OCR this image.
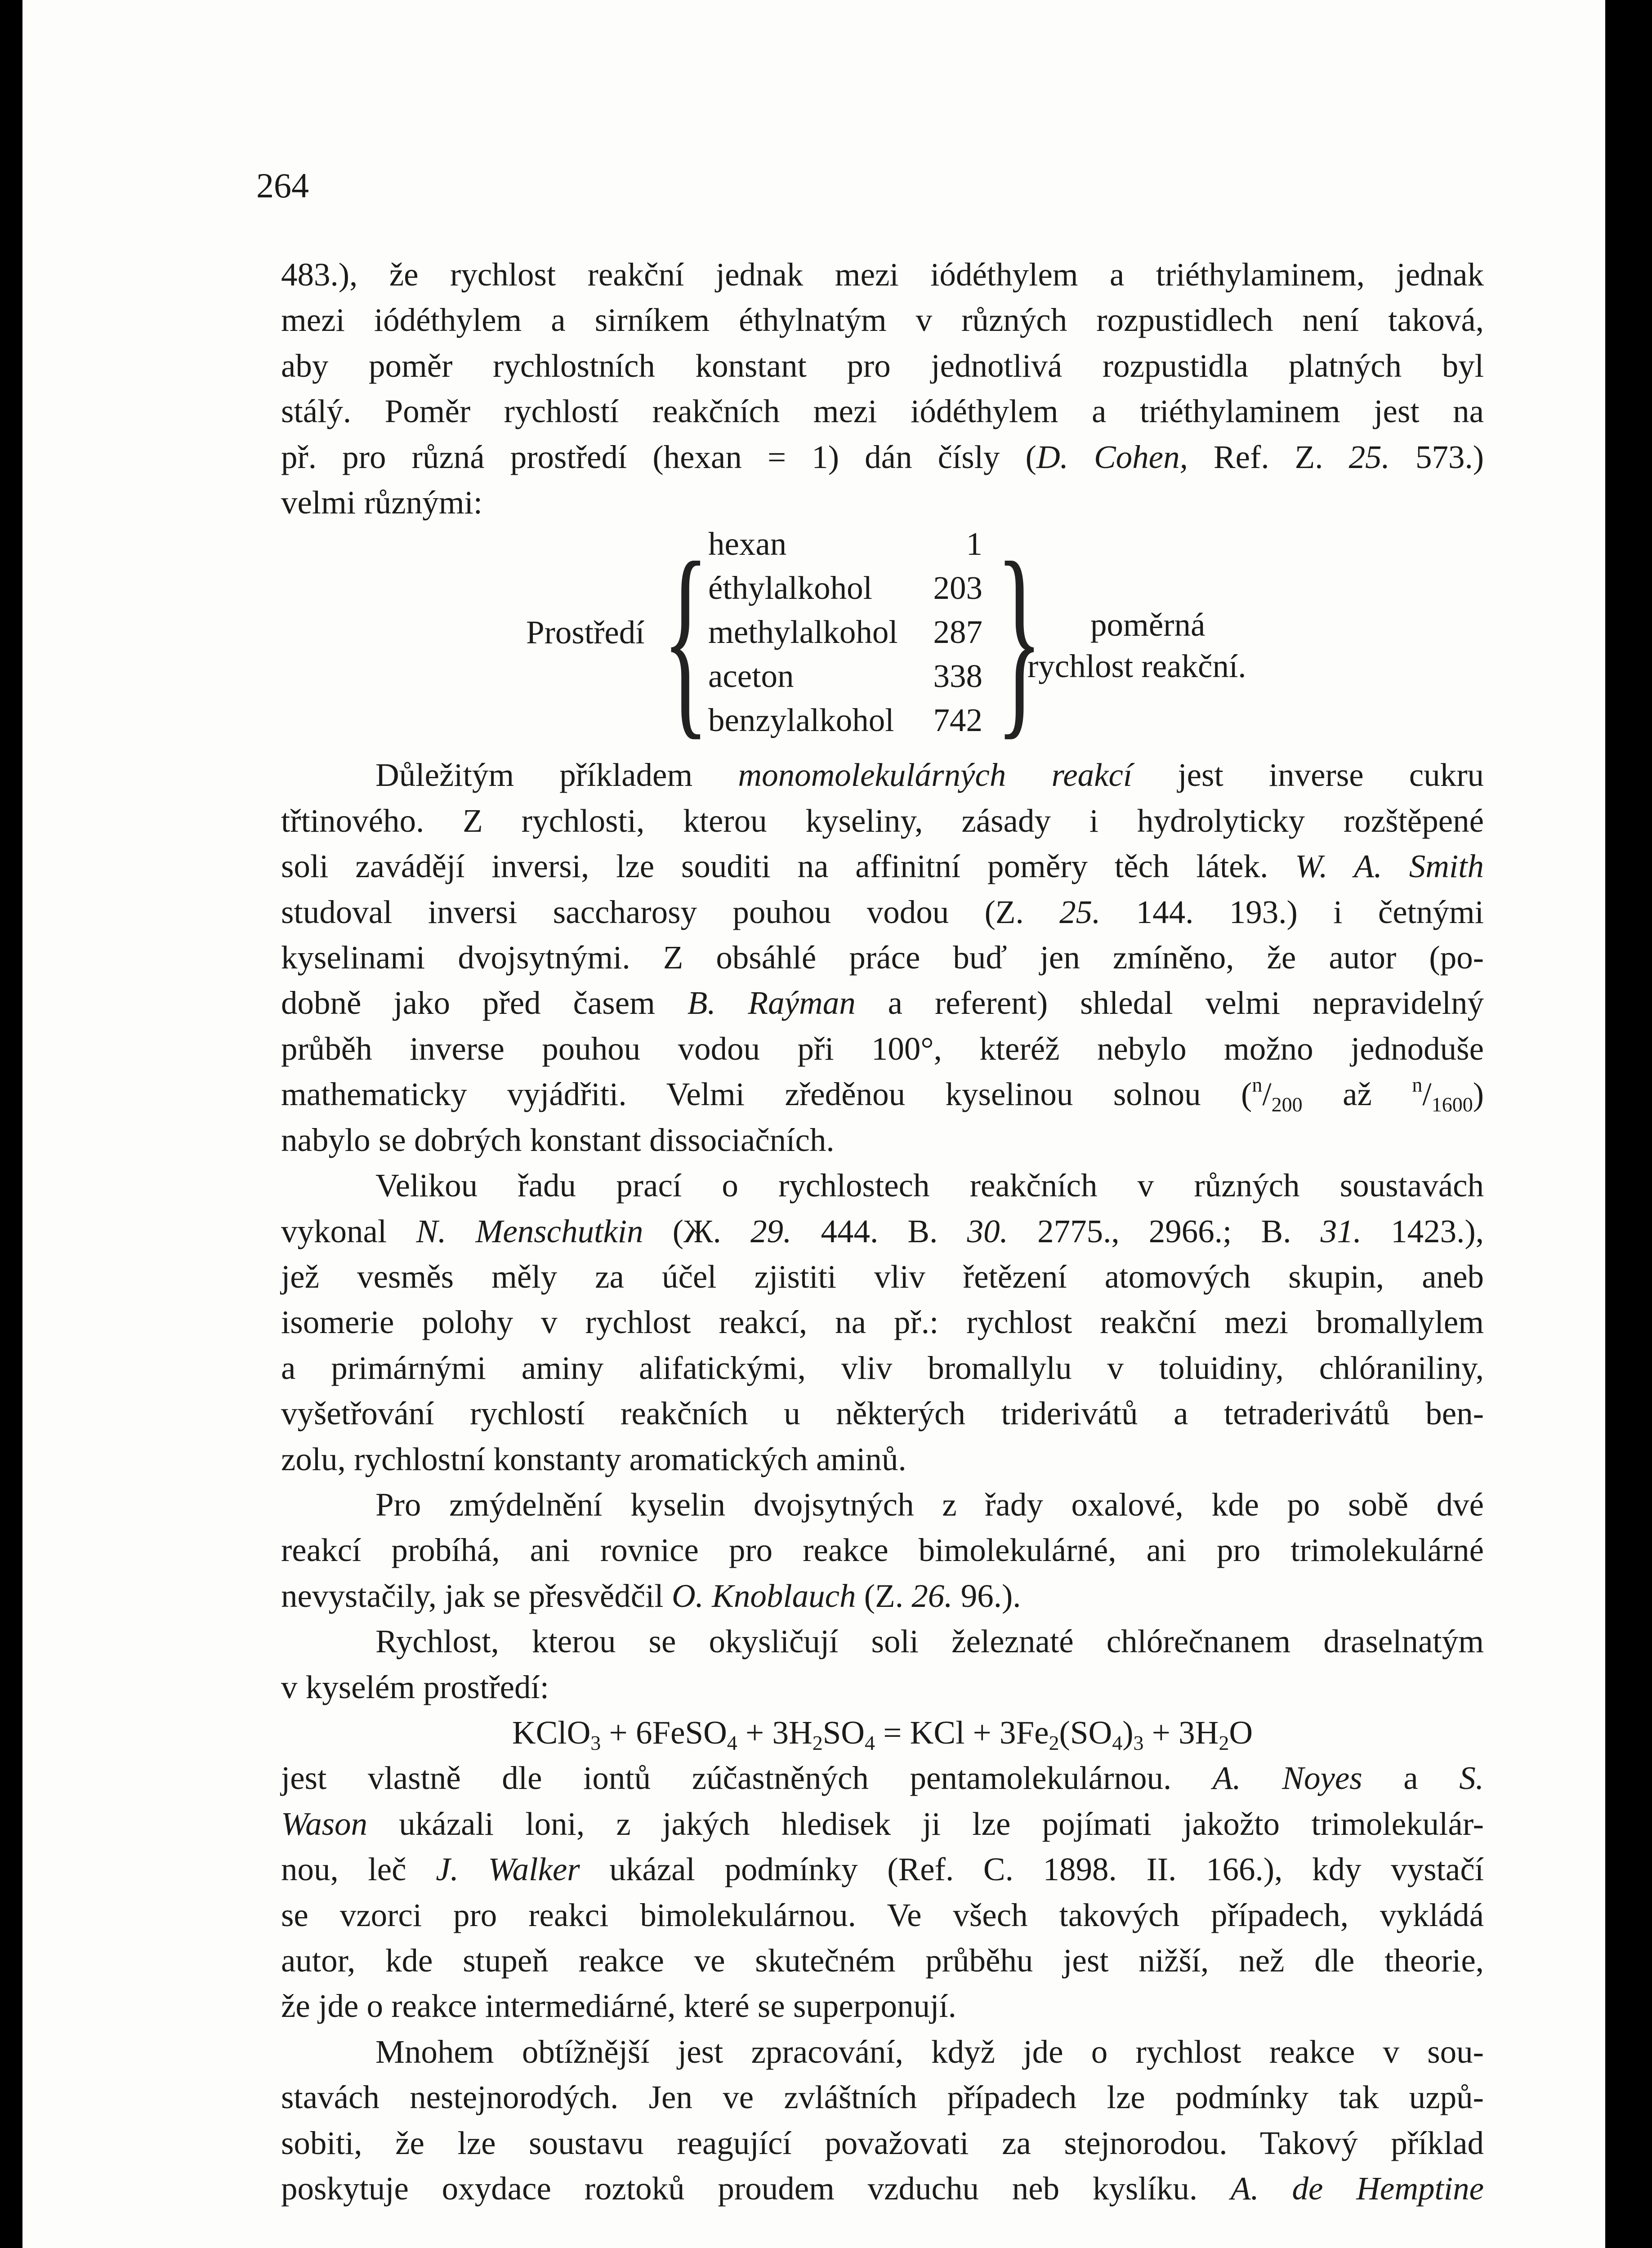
264
483.), že rychlost reakční jednak mezi iódéthylem a triéthylaminem, jednak
mezi iódéthylem a sirníkem éthylnatým v různých rozpustidlech není taková,
aby poměr rychlostních konstant pro jednotlivá rozpustidla platných byl
stálý. Poměr rychlostí reakčních mezi iódéthylem a triéthylaminem jest na
př. pro různá prostředí (hexan = 1) dán čísly (D. Cohen, Ref. Z. 25. 573.)
velmi různými:
Prostředí {
hexan	1
éthylalkohol	203
methylalkohol	287
aceton	338
benzylalkohol	742 } poměrná
rychlost reakční.
Důležitým příkladem monomolekulárných reakcí jest inverse cukru
třtinového. Z rychlosti, kterou kyseliny, zásady i hydrolyticky rozštěpené
soli zavádějí inversi, lze souditi na affinitní poměry těch látek. W. A. Smith
studoval inversi saccharosy pouhou vodou (Z. 25. 144. 193.) i četnými
kyselinami dvojsytnými. Z obsáhlé práce buď jen zmíněno, že autor (po-
dobně jako před časem B. Raýman a referent) shledal velmi nepravidelný
průběh inverse pouhou vodou při 100°, kteréž nebylo možno jednoduše
mathematicky vyjádřiti. Velmi zředěnou kyselinou solnou ($^n/_{200}$ až $^n/_{1600}$)
nabylo se dobrých konstant dissociačních.
Velikou řadu prací o rychlostech reakčních v různých soustavách
vykonal N. Menschutkin (Ж. 29. 444. B. 30. 2775., 2966.; B. 31. 1423.),
jež vesměs měly za účel zjistiti vliv řetězení atomových skupin, aneb
isomerie polohy v rychlost reakcí, na př.: rychlost reakční mezi bromallylem
a primárnými aminy alifatickými, vliv bromallylu v toluidiny, chlóraniliny,
vyšetřování rychlostí reakčních u některých triderivátů a tetraderivátů ben-
zolu, rychlostní konstanty aromatických aminů.
Pro zmýdelnění kyselin dvojsytných z řady oxalové, kde po sobě dvé
reakcí probíhá, ani rovnice pro reakce bimolekulárné, ani pro trimolekulárné
nevystačily, jak se přesvědčil O. Knoblauch (Z. 26. 96.).
Rychlost, kterou se okysličují soli železnaté chlórečnanem draselnatým
v kyselém prostředí:
KClO$_3$ + 6FeSO$_4$ + $3H_2SO_4$ = KCl + $3Fe_2(SO_4)_3 + 3H_2O$
jest vlastně dle iontů zúčastněných pentamolekulárnou. A. Noyes a S.
Wason ukázali loni, z jakých hledisek ji lze pojímati jakožto trimolekulár-
nou, leč J. Walker ukázal podmínky (Ref. C. 1898. II. 166.), kdy vystačí
se vzorci pro reakci bimolekulárnou. Ve všech takových případech, vykládá
autor, kde stupeň reakce ve skutečném průběhu jest nižší, než dle theorie,
že jde o reakce intermediárné, které se superponují.
Mnohem obtížnější jest zpracování, když jde o rychlost reakce v sou-
stavách nestejnorodých. Jen ve zvláštních případech lze podmínky tak uzpů-
sobiti, že lze soustavu reagující považovati za stejnorodou. Takový příklad
poskytuje oxydace roztoků proudem vzduchu neb kyslíku. A. de Hemptine
